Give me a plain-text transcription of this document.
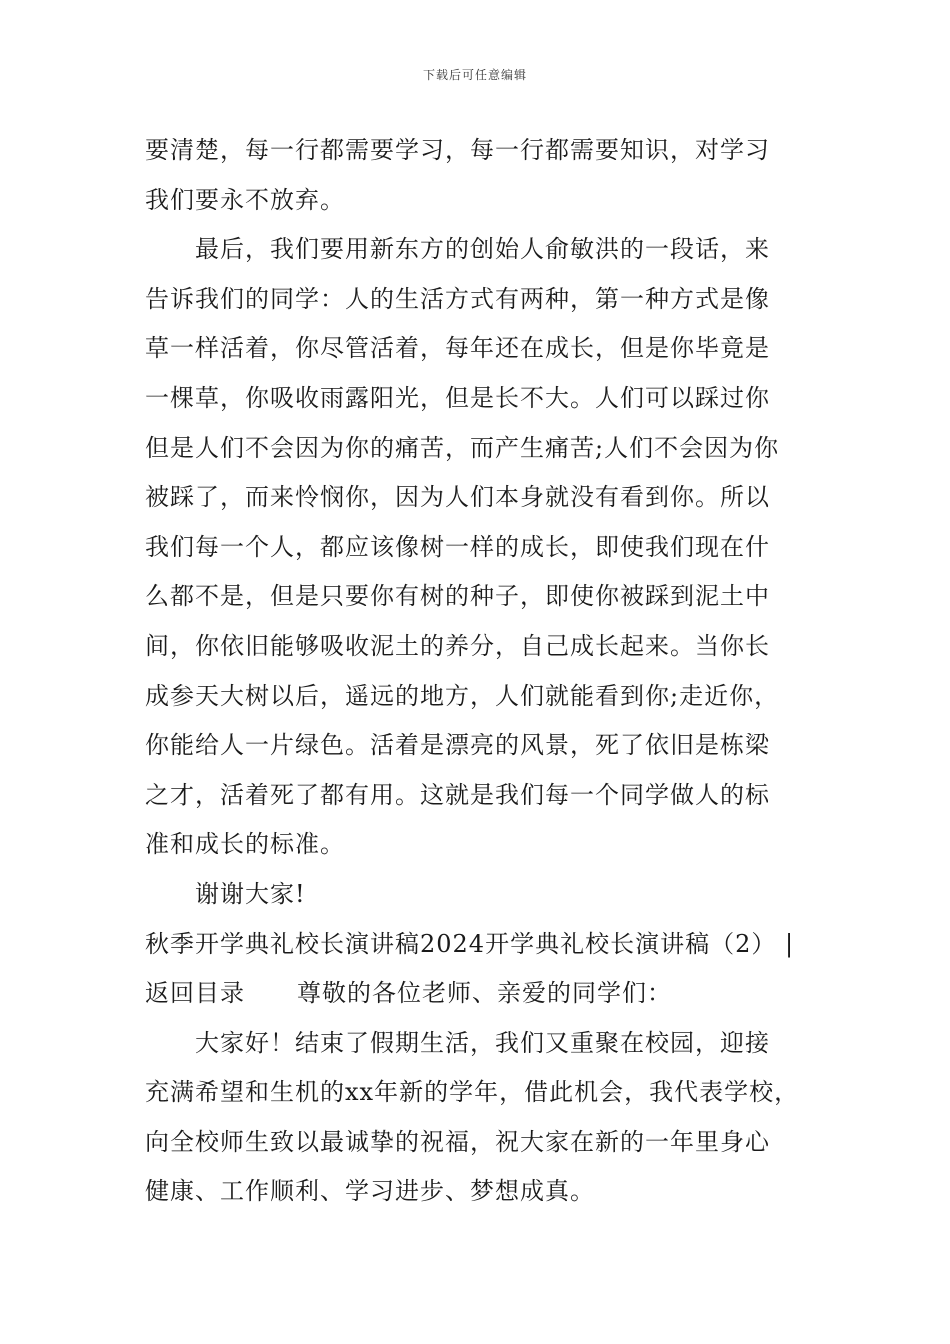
下载后可任意编辑
要清楚，每一行都需要学习，每一行都需要知识，对学习
我们要永不放弃。
最后，我们要用新东方的创始人俞敏洪的一段话，来
告诉我们的同学：人的生活方式有两种，第一种方式是像
草一样活着，你尽管活着，每年还在成长，但是你毕竟是
一棵草，你吸收雨露阳光，但是长不大。人们可以踩过你
但是人们不会因为你的痛苦，而产生痛苦;人们不会因为你
被踩了，而来怜悯你，因为人们本身就没有看到你。所以
我们每一个人，都应该像树一样的成长，即使我们现在什
么都不是，但是只要你有树的种子，即使你被踩到泥土中
间，你依旧能够吸收泥土的养分，自己成长起来。当你长
成参天大树以后，遥远的地方，人们就能看到你;走近你，
你能给人一片绿色。活着是漂亮的风景，死了依旧是栋梁
之才，活着死了都有用。这就是我们每一个同学做人的标
准和成长的标准。
谢谢大家!
秋季开学典礼校长演讲稿2024开学典礼校长演讲稿（2） |
返回目录 尊敬的各位老师、亲爱的同学们：
大家好！结束了假期生活，我们又重聚在校园，迎接
充满希望和生机的xx年新的学年，借此机会，我代表学校，
向全校师生致以最诚挚的祝福，祝大家在新的一年里身心
健康、工作顺利、学习进步、梦想成真。
